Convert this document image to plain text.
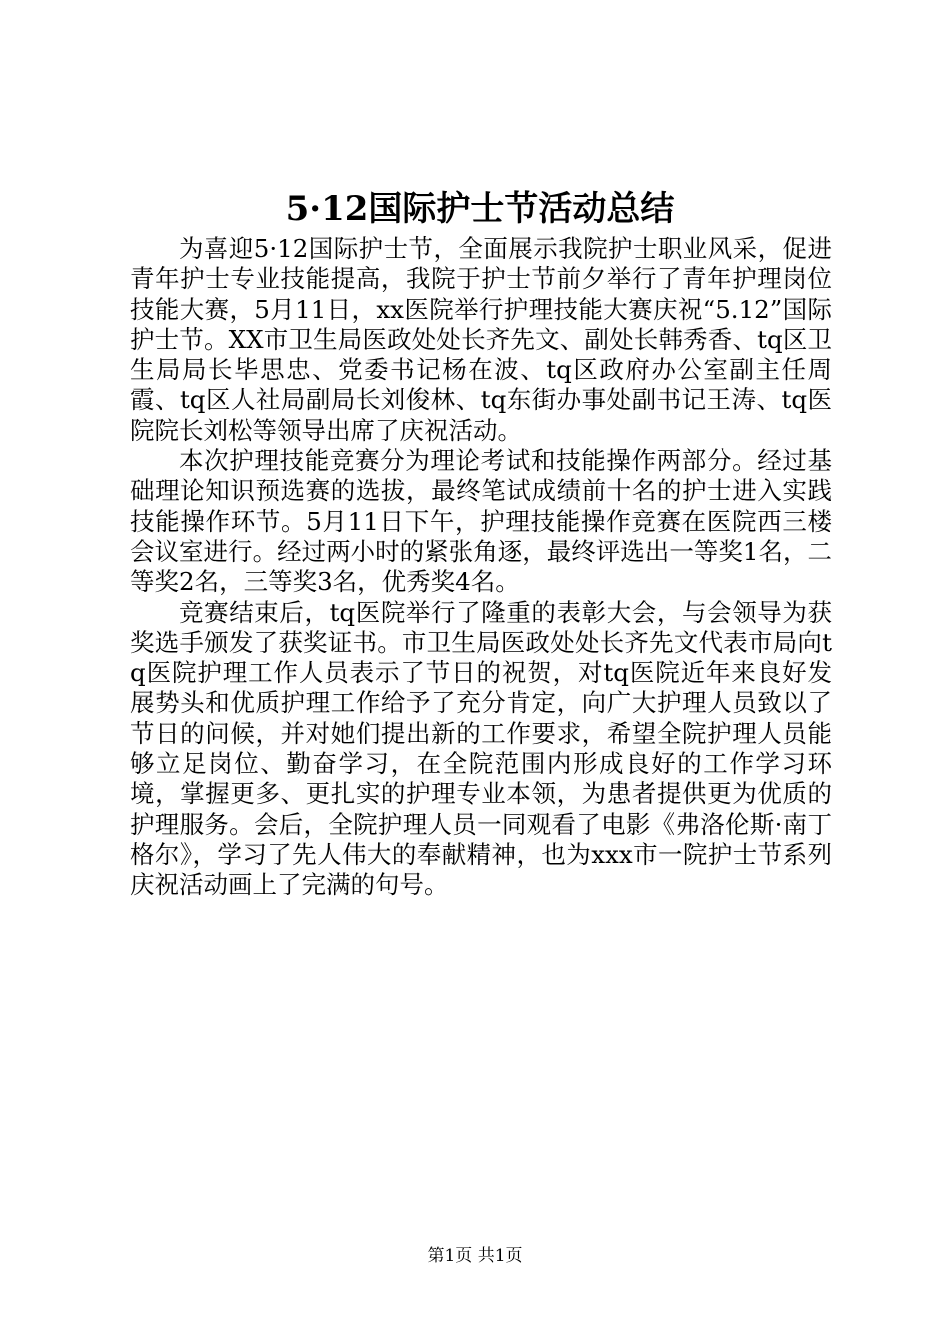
5·12国际护士节活动总结

为喜迎5·12国际护士节，全面展示我院护士职业风采，促进青年护士专业技能提高，我院于护士节前夕举行了青年护理岗位技能大赛，5月11日，xx医院举行护理技能大赛庆祝“5.12”国际护士节。XX市卫生局医政处处长齐先文、副处长韩秀香、tq区卫生局局长毕思忠、党委书记杨在波、tq区政府办公室副主任周霞、tq区人社局副局长刘俊林、tq东街办事处副书记王涛、tq医院院长刘松等领导出席了庆祝活动。

本次护理技能竞赛分为理论考试和技能操作两部分。经过基础理论知识预选赛的选拔，最终笔试成绩前十名的护士进入实践技能操作环节。5月11日下午，护理技能操作竞赛在医院西三楼会议室进行。经过两小时的紧张角逐，最终评选出一等奖1名，二等奖2名，三等奖3名，优秀奖4名。

竞赛结束后，tq医院举行了隆重的表彰大会，与会领导为获奖选手颁发了获奖证书。市卫生局医政处处长齐先文代表市局向tq医院护理工作人员表示了节日的祝贺，对tq医院近年来良好发展势头和优质护理工作给予了充分肯定，向广大护理人员致以了节日的问候，并对她们提出新的工作要求，希望全院护理人员能够立足岗位、勤奋学习，在全院范围内形成良好的工作学习环境，掌握更多、更扎实的护理专业本领，为患者提供更为优质的护理服务。会后，全院护理人员一同观看了电影《弗洛伦斯·南丁格尔》，学习了先人伟大的奉献精神，也为xxx市一院护士节系列庆祝活动画上了完满的句号。

第1页 共1页
